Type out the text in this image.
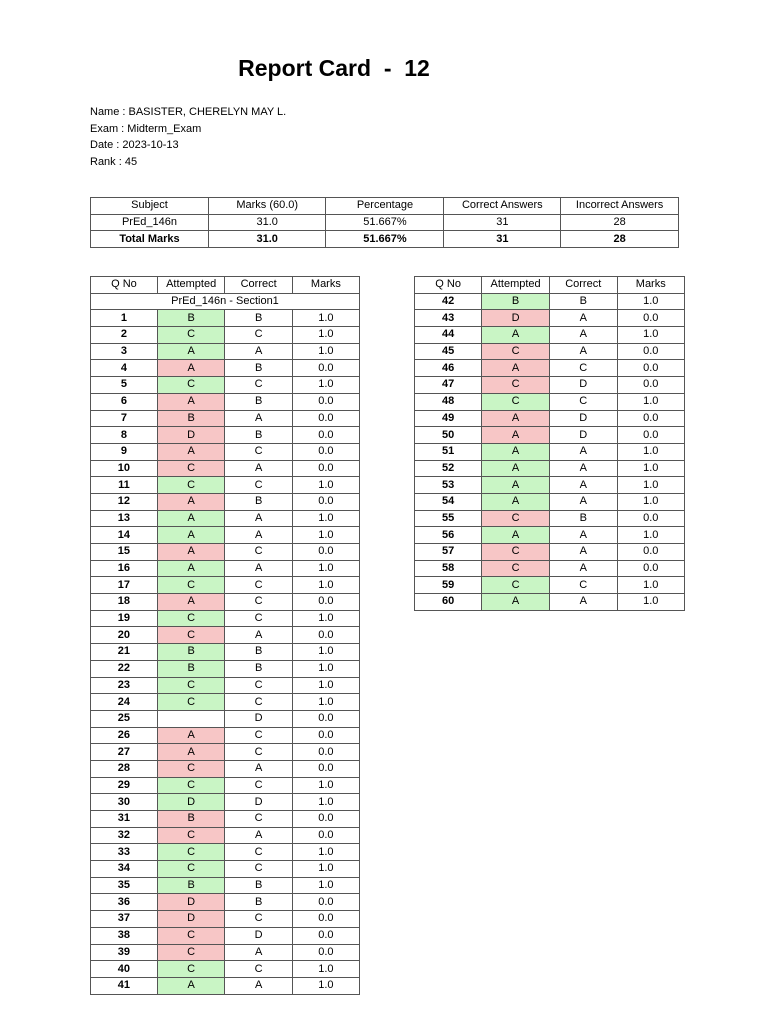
Report Card  -  12
Name : BASISTER, CHERELYN MAY L.
Exam : Midterm_Exam
Date : 2023-10-13
Rank : 45
Subject	Marks (60.0)	Percentage	Correct Answers	Incorrect Answers
PrEd_146n	31.0	51.667%	31	28
Total Marks	31.0	51.667%	31	28
Q No	Attempted	Correct	Marks
PrEd_146n - Section1			
1	B	B	1.0
2	C	C	1.0
3	A	A	1.0
4	A	B	0.0
5	C	C	1.0
6	A	B	0.0
7	B	A	0.0
8	D	B	0.0
9	A	C	0.0
10	C	A	0.0
11	C	C	1.0
12	A	B	0.0
13	A	A	1.0
14	A	A	1.0
15	A	C	0.0
16	A	A	1.0
17	C	C	1.0
18	A	C	0.0
19	C	C	1.0
20	C	A	0.0
21	B	B	1.0
22	B	B	1.0
23	C	C	1.0
24	C	C	1.0
25		D	0.0
26	A	C	0.0
27	A	C	0.0
28	C	A	0.0
29	C	C	1.0
30	D	D	1.0
31	B	C	0.0
32	C	A	0.0
33	C	C	1.0
34	C	C	1.0
35	B	B	1.0
36	D	B	0.0
37	D	C	0.0
38	C	D	0.0
39	C	A	0.0
40	C	C	1.0
41	A	A	1.0
Q No	Attempted	Correct	Marks
42	B	B	1.0
43	D	A	0.0
44	A	A	1.0
45	C	A	0.0
46	A	C	0.0
47	C	D	0.0
48	C	C	1.0
49	A	D	0.0
50	A	D	0.0
51	A	A	1.0
52	A	A	1.0
53	A	A	1.0
54	A	A	1.0
55	C	B	0.0
56	A	A	1.0
57	C	A	0.0
58	C	A	0.0
59	C	C	1.0
60	A	A	1.0
